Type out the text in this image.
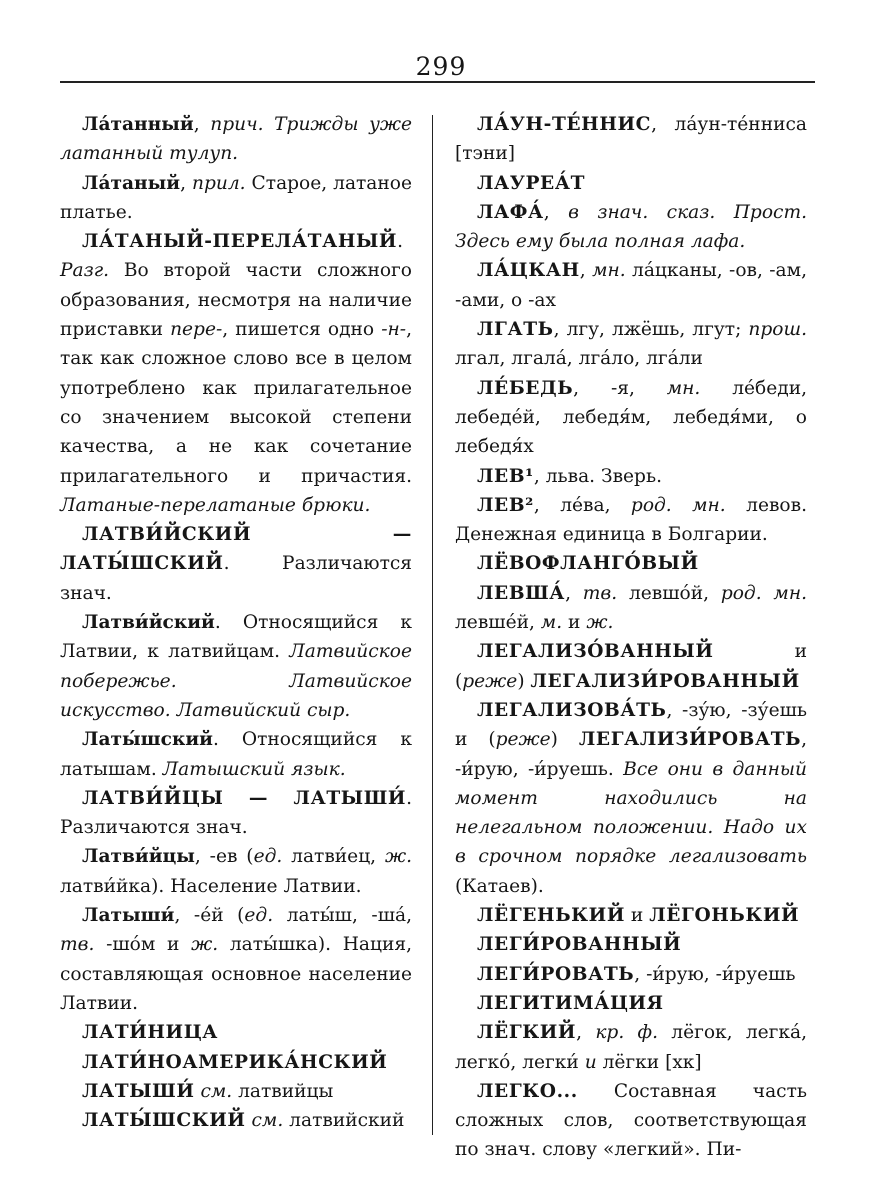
299

Ла́танный, прич. Трижды уже латанный тулуп.

Ла́таный, прил. Старое, латаное платье.

ЛА́ТАНЫЙ-ПЕРЕЛА́ТАНЫЙ. Разг. Во второй части сложного образования, несмотря на наличие приставки пере-, пишется одно -н-, так как сложное слово все в целом употреблено как прилагательное со значением высокой степени качества, а не как сочетание прилагательного и причастия. Латаные-перелатаные брюки.

ЛАТВИ́ЙСКИЙ — ЛАТЫ́ШСКИЙ. Различаются знач.

Латви́йский. Относящийся к Латвии, к латвийцам. Латвийское побережье. Латвийское искусство. Латвийский сыр.

Латы́шский. Относящийся к латышам. Латышский язык.

ЛАТВИ́ЙЦЫ — ЛАТЫШИ́. Различаются знач.

Латви́йцы, -ев (ед. латви́ец, ж. латви́йка). Население Латвии.

Латыши́, -е́й (ед. латы́ш, -ша́, тв. -шо́м и ж. латы́шка). Нация, составляющая основное население Латвии.

ЛАТИ́НИЦА

ЛАТИ́НОАМЕРИКА́НСКИЙ

ЛАТЫШИ́ см. латвийцы

ЛАТЫ́ШСКИЙ см. латвийский

ЛА́УН-ТЕ́ННИС, ла́ун-те́нниса [тэни]

ЛАУРЕА́Т

ЛАФА́, в знач. сказ. Прост. Здесь ему была полная лафа.

ЛА́ЦКАН, мн. ла́цканы, -ов, -ам, -ами, о -ах

ЛГАТЬ, лгу, лжёшь, лгут; прош. лгал, лгала́, лга́ло, лга́ли

ЛЕ́БЕДЬ, -я, мн. ле́беди, лебеде́й, лебедя́м, лебедя́ми, о лебедя́х

ЛЕВ¹, льва. Зверь.

ЛЕВ², ле́ва, род. мн. левов. Денежная единица в Болгарии.

ЛЁВОФЛАНГО́ВЫЙ

ЛЕВША́, тв. левшо́й, род. мн. левше́й, м. и ж.

ЛЕГАЛИЗО́ВАННЫЙ и (реже) ЛЕГАЛИЗИ́РОВАННЫЙ

ЛЕГАЛИЗОВА́ТЬ, -зу́ю, -зу́ешь и (реже) ЛЕГАЛИЗИ́РОВАТЬ, -и́рую, -и́руешь. Все они в данный момент находились на нелегальном положении. Надо их в срочном порядке легализовать (Катаев).

ЛЁГЕНЬКИЙ и ЛЁГОНЬКИЙ

ЛЕГИ́РОВАННЫЙ

ЛЕГИ́РОВАТЬ, -и́рую, -и́руешь

ЛЕГИТИМА́ЦИЯ

ЛЁГКИЙ, кр. ф. лёгок, легка́, легко́, легки́ и лёгки [хк]

ЛЕГКО... Составная часть сложных слов, соответствующая по знач. слову «легкий». Пи-
